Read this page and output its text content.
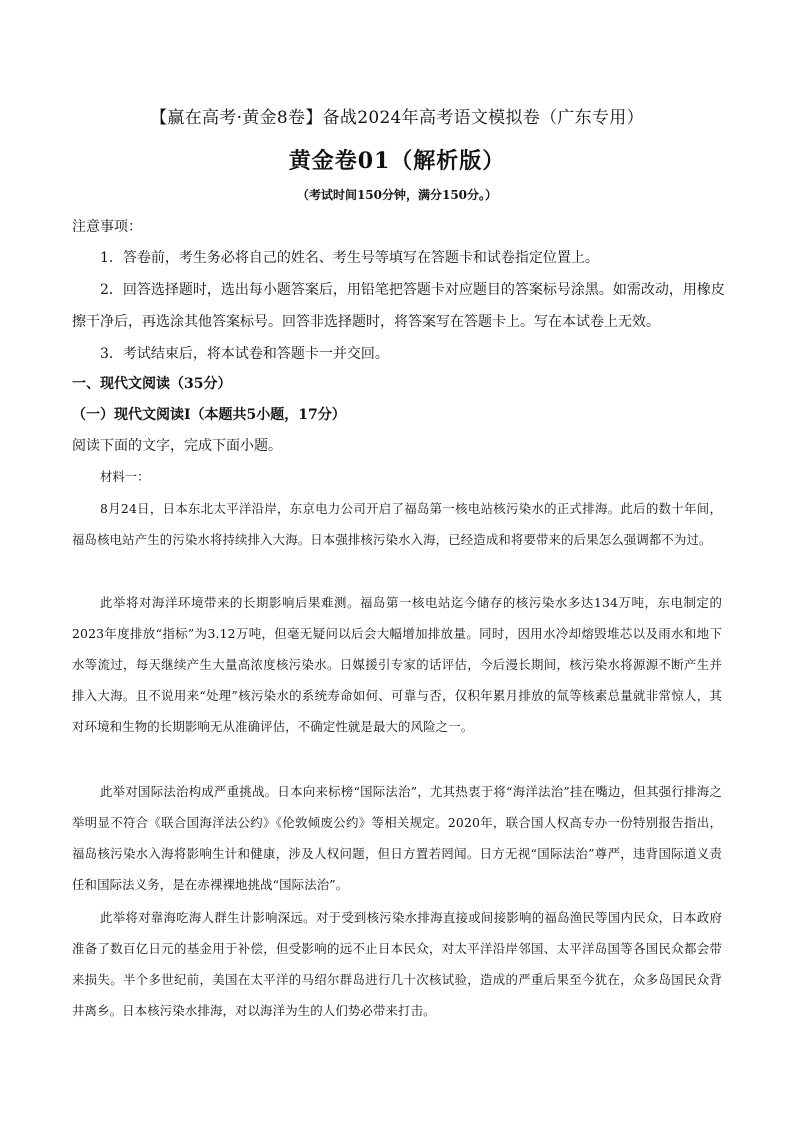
【赢在高考·黄金8卷】备战2024年高考语文模拟卷（广东专用）
黄金卷01（解析版）
（考试时间150分钟，满分150分。）
注意事项：
1．答卷前，考生务必将自己的姓名、考生号等填写在答题卡和试卷指定位置上。
2．回答选择题时，选出每小题答案后，用铅笔把答题卡对应题目的答案标号涂黑。如需改动，用橡皮
擦干净后，再选涂其他答案标号。回答非选择题时，将答案写在答题卡上。写在本试卷上无效。
3．考试结束后，将本试卷和答题卡一并交回。
一、现代文阅读（35分）
（一）现代文阅读Ⅰ（本题共5小题，17分）
阅读下面的文字，完成下面小题。
材料一：

8月24日，日本东北太平洋沿岸，东京电力公司开启了福岛第一核电站核污染水的正式排海。此后的数十年间，福岛核电站产生的污染水将持续排入大海。日本强排核污染水入海，已经造成和将要带来的后果怎么强调都不为过。

此举将对海洋环境带来的长期影响后果难测。福岛第一核电站迄今储存的核污染水多达134万吨，东电制定的2023年度排放“指标”为3.12万吨，但毫无疑问以后会大幅增加排放量。同时，因用水冷却熔毁堆芯以及雨水和地下水等流过，每天继续产生大量高浓度核污染水。日媒援引专家的话评估，今后漫长期间，核污染水将源源不断产生并排入大海。且不说用来“处理”核污染水的系统寿命如何、可靠与否，仅积年累月排放的氚等核素总量就非常惊人，其对环境和生物的长期影响无从准确评估，不确定性就是最大的风险之一。

此举对国际法治构成严重挑战。日本向来标榜“国际法治”，尤其热衷于将“海洋法治”挂在嘴边，但其强行排海之举明显不符合《联合国海洋法公约》《伦敦倾废公约》等相关规定。2020年，联合国人权高专办一份特别报告指出，福岛核污染水入海将影响生计和健康，涉及人权问题，但日方置若罔闻。日方无视“国际法治”尊严，违背国际道义责任和国际法义务，是在赤裸裸地挑战“国际法治”。

此举将对靠海吃海人群生计影响深远。对于受到核污染水排海直接或间接影响的福岛渔民等国内民众，日本政府准备了数百亿日元的基金用于补偿，但受影响的远不止日本民众，对太平洋沿岸邻国、太平洋岛国等各国民众都会带来损失。半个多世纪前，美国在太平洋的马绍尔群岛进行几十次核试验，造成的严重后果至今犹在，众多岛国民众背井离乡。日本核污染水排海，对以海洋为生的人们势必带来打击。
